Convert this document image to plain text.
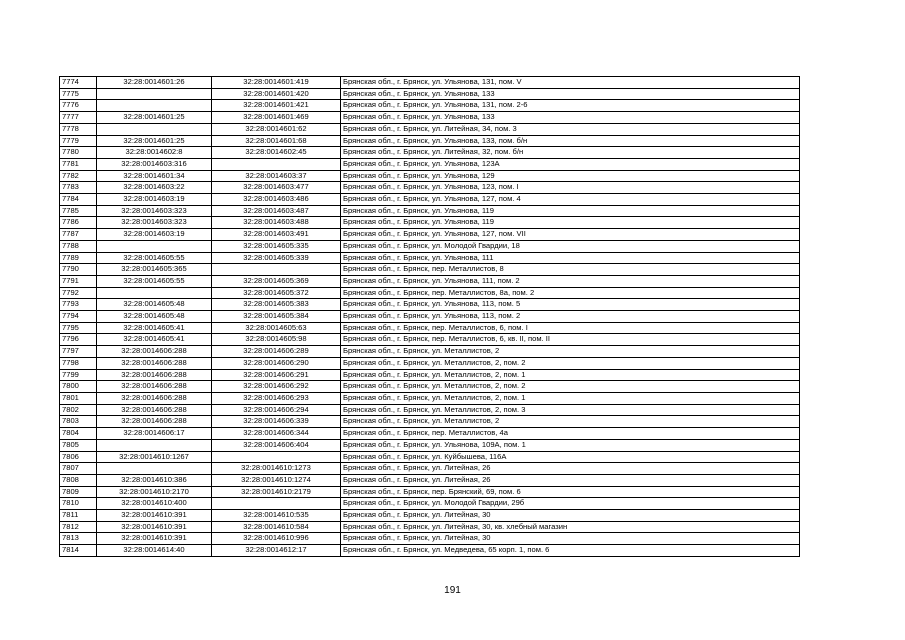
7774	32:28:0014601:26	32:28:0014601:419	Брянская обл., г. Брянск, ул. Ульянова, 131, пом. V
7775		32:28:0014601:420	Брянская обл., г. Брянск, ул. Ульянова, 133
7776		32:28:0014601:421	Брянская обл., г. Брянск, ул. Ульянова, 131, пом. 2-6
7777	32:28:0014601:25	32:28:0014601:469	Брянская обл., г. Брянск, ул. Ульянова, 133
7778		32:28:0014601:62	Брянская обл., г. Брянск, ул. Литейная, 34, пом. 3
7779	32:28:0014601:25	32:28:0014601:68	Брянская обл., г. Брянск, ул. Ульянова, 133, пом. б/н
7780	32:28:0014602:8	32:28:0014602:45	Брянская обл., г. Брянск, ул. Литейная, 32, пом. б/н
7781	32:28:0014603:316		Брянская обл., г. Брянск, ул. Ульянова, 123А
7782	32:28:0014601:34	32:28:0014603:37	Брянская обл., г. Брянск, ул. Ульянова, 129
7783	32:28:0014603:22	32:28:0014603:477	Брянская обл., г. Брянск, ул. Ульянова, 123, пом. I
7784	32:28:0014603:19	32:28:0014603:486	Брянская обл., г. Брянск, ул. Ульянова, 127, пом. 4
7785	32:28:0014603:323	32:28:0014603:487	Брянская обл., г. Брянск, ул. Ульянова, 119
7786	32:28:0014603:323	32:28:0014603:488	Брянская обл., г. Брянск, ул. Ульянова, 119
7787	32:28:0014603:19	32:28:0014603:491	Брянская обл., г. Брянск, ул. Ульянова, 127, пом. VII
7788		32:28:0014605:335	Брянская обл., г. Брянск, ул. Молодой Гвардии, 18
7789	32:28:0014605:55	32:28:0014605:339	Брянская обл., г. Брянск, ул. Ульянова, 111
7790	32:28:0014605:365		Брянская обл., г. Брянск, пер. Металлистов, 8
7791	32:28:0014605:55	32:28:0014605:369	Брянская обл., г. Брянск, ул. Ульянова, 111, пом. 2
7792		32:28:0014605:372	Брянская обл., г. Брянск, пер. Металлистов, 8а, пом. 2
7793	32:28:0014605:48	32:28:0014605:383	Брянская обл., г. Брянск, ул. Ульянова, 113, пом. 5
7794	32:28:0014605:48	32:28:0014605:384	Брянская обл., г. Брянск, ул. Ульянова, 113, пом. 2
7795	32:28:0014605:41	32:28:0014605:63	Брянская обл., г. Брянск, пер. Металлистов, 6, пом. I
7796	32:28:0014605:41	32:28:0014605:98	Брянская обл., г. Брянск, пер. Металлистов, 6, кв. II, пом. II
7797	32:28:0014606:288	32:28:0014606:289	Брянская обл., г. Брянск, ул. Металлистов, 2
7798	32:28:0014606:288	32:28:0014606:290	Брянская обл., г. Брянск, ул. Металлистов, 2, пом. 2
7799	32:28:0014606:288	32:28:0014606:291	Брянская обл., г. Брянск, ул. Металлистов, 2, пом. 1
7800	32:28:0014606:288	32:28:0014606:292	Брянская обл., г. Брянск, ул. Металлистов, 2, пом. 2
7801	32:28:0014606:288	32:28:0014606:293	Брянская обл., г. Брянск, ул. Металлистов, 2, пом. 1
7802	32:28:0014606:288	32:28:0014606:294	Брянская обл., г. Брянск, ул. Металлистов, 2, пом. 3
7803	32:28:0014606:288	32:28:0014606:339	Брянская обл., г. Брянск, ул. Металлистов, 2
7804	32:28:0014606:17	32:28:0014606:344	Брянская обл., г. Брянск, пер. Металлистов, 4а
7805		32:28:0014606:404	Брянская обл., г. Брянск, ул. Ульянова, 109А, пом. 1
7806	32:28:0014610:1267		Брянская обл., г. Брянск, ул. Куйбышева, 116А
7807		32:28:0014610:1273	Брянская обл., г. Брянск, ул. Литейная, 26
7808	32:28:0014610:386	32:28:0014610:1274	Брянская обл., г. Брянск, ул. Литейная, 26
7809	32:28:0014610:2170	32:28:0014610:2179	Брянская обл., г. Брянск, пер. Брянский, 69, пом. 6
7810	32:28:0014610:400		Брянская обл., г. Брянск, ул. Молодой Гвардии, 29б
7811	32:28:0014610:391	32:28:0014610:535	Брянская обл., г. Брянск, ул. Литейная, 30
7812	32:28:0014610:391	32:28:0014610:584	Брянская обл., г. Брянск, ул. Литейная, 30, кв. хлебный магазин
7813	32:28:0014610:391	32:28:0014610:996	Брянская обл., г. Брянск, ул. Литейная, 30
7814	32:28:0014614:40	32:28:0014612:17	Брянская обл., г. Брянск, ул. Медведева, 65 корп. 1, пом. 6
191
